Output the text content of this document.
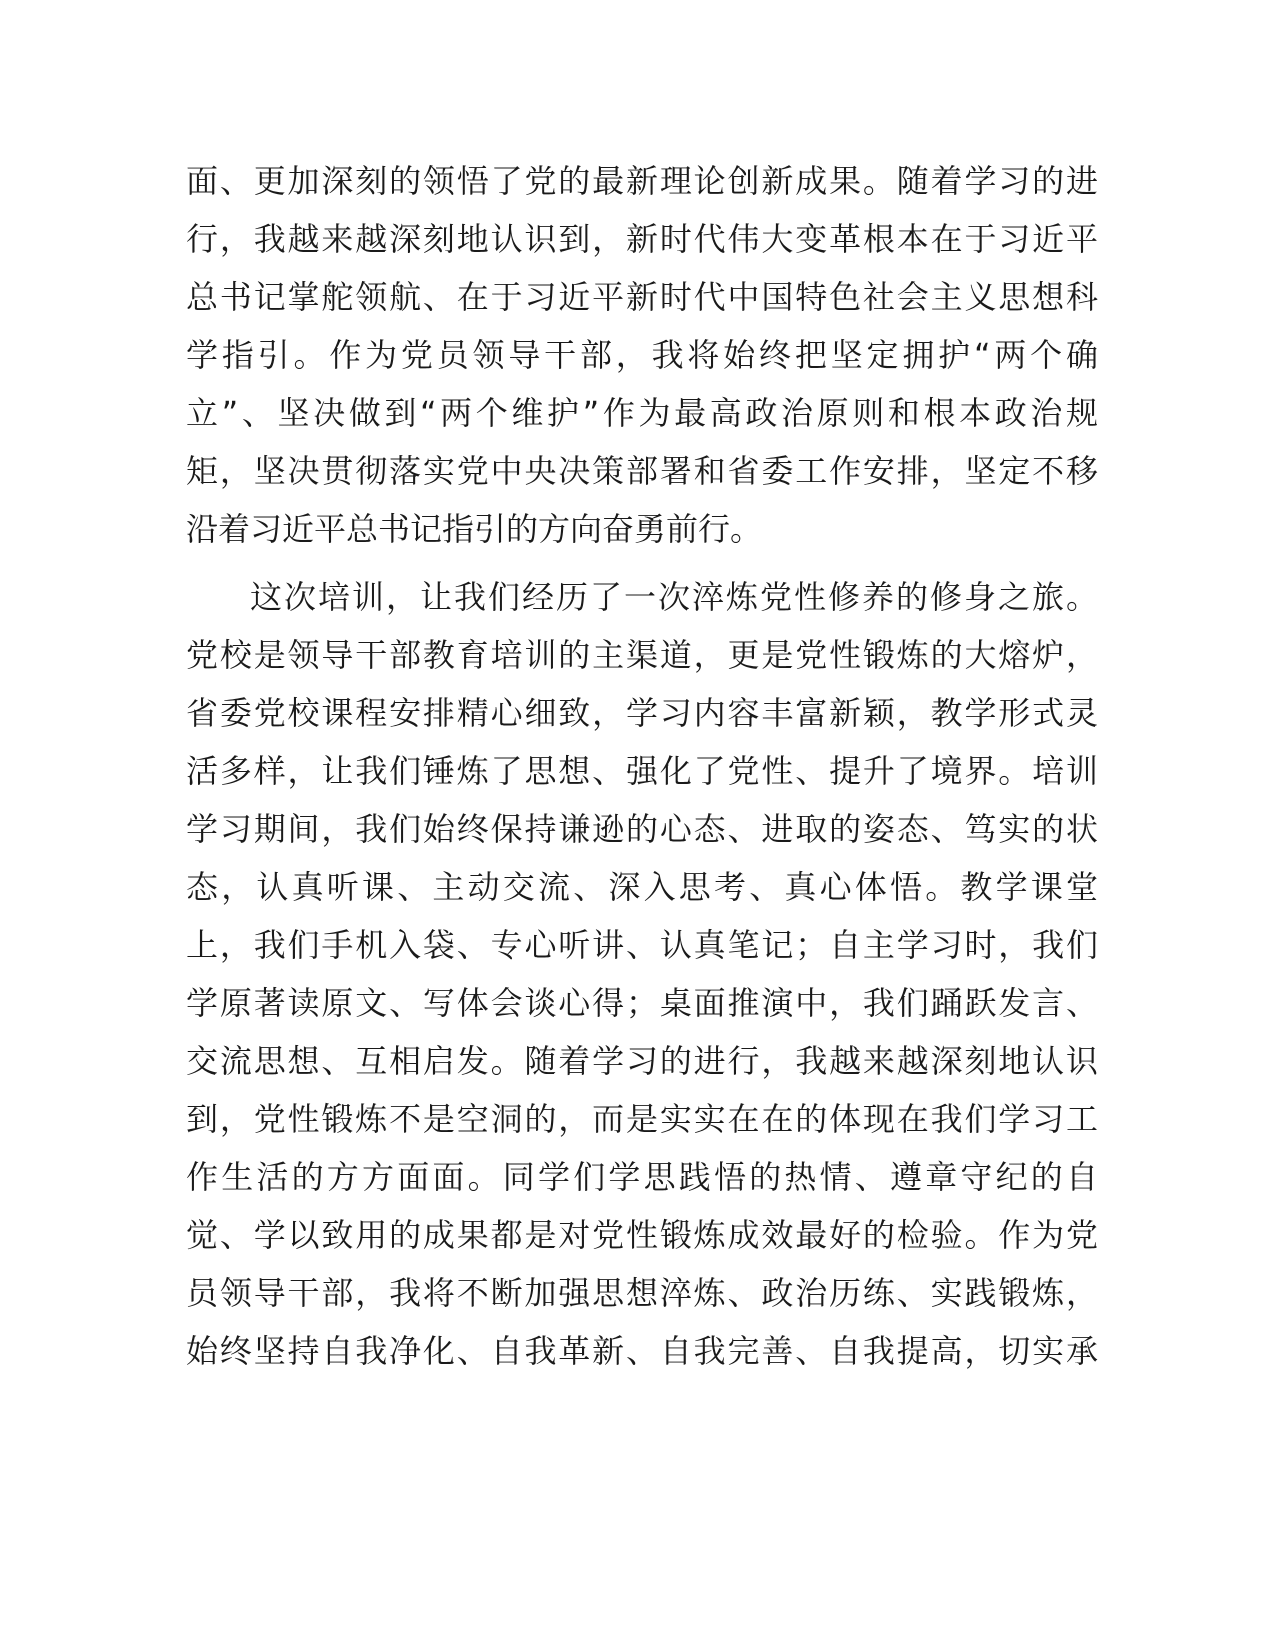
面、更加深刻的领悟了党的最新理论创新成果。随着学习的进
行，我越来越深刻地认识到，新时代伟大变革根本在于习近平
总书记掌舵领航、在于习近平新时代中国特色社会主义思想科
学指引。作为党员领导干部，我将始终把坚定拥护“两个确
立”、坚决做到“两个维护”作为最高政治原则和根本政治规
矩，坚决贯彻落实党中央决策部署和省委工作安排，坚定不移
沿着习近平总书记指引的方向奋勇前行。
这次培训，让我们经历了一次淬炼党性修养的修身之旅。
党校是领导干部教育培训的主渠道，更是党性锻炼的大熔炉，
省委党校课程安排精心细致，学习内容丰富新颖，教学形式灵
活多样，让我们锤炼了思想、强化了党性、提升了境界。培训
学习期间，我们始终保持谦逊的心态、进取的姿态、笃实的状
态，认真听课、主动交流、深入思考、真心体悟。教学课堂
上，我们手机入袋、专心听讲、认真笔记；自主学习时，我们
学原著读原文、写体会谈心得；桌面推演中，我们踊跃发言、
交流思想、互相启发。随着学习的进行，我越来越深刻地认识
到，党性锻炼不是空洞的，而是实实在在的体现在我们学习工
作生活的方方面面。同学们学思践悟的热情、遵章守纪的自
觉、学以致用的成果都是对党性锻炼成效最好的检验。作为党
员领导干部，我将不断加强思想淬炼、政治历练、实践锻炼，
始终坚持自我净化、自我革新、自我完善、自我提高，切实承
